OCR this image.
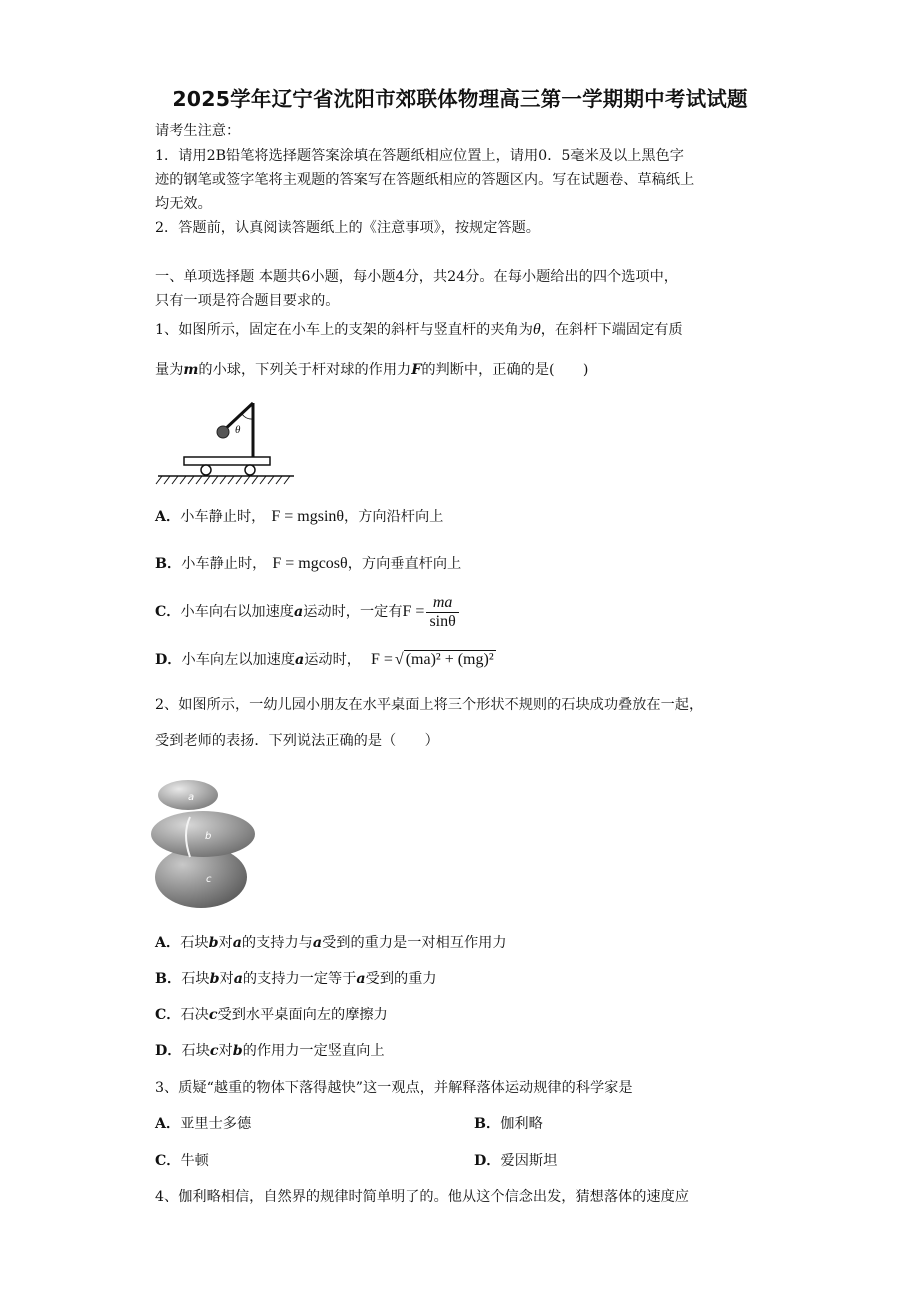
2025学年辽宁省沈阳市郊联体物理高三第一学期期中考试试题
请考生注意：
1．请用2B铅笔将选择题答案涂填在答题纸相应位置上，请用0．5毫米及以上黑色字
迹的钢笔或签字笔将主观题的答案写在答题纸相应的答题区内。写在试题卷、草稿纸上
均无效。
2．答题前，认真阅读答题纸上的《注意事项》，按规定答题。
一、单项选择题 本题共6小题，每小题4分，共24分。在每小题给出的四个选项中，
只有一项是符合题目要求的。
1、如图所示，固定在小车上的支架的斜杆与竖直杆的夹角为θ，在斜杆下端固定有质
量为m的小球，下列关于杆对球的作用力F的判断中，正确的是(　　)
θ
A．小车静止时， F = mgsinθ，方向沿杆向上
B．小车静止时， F = mgcosθ，方向垂直杆向上
C．小车向右以加速度a运动时，一定有$F = \frac{ma}{\sin\theta}$
D．小车向左以加速度a运动时， F = √ (ma)² + (mg)²
2、如图所示，一幼儿园小朋友在水平桌面上将三个形状不规则的石块成功叠放在一起，
受到老师的表扬．下列说法正确的是（　　）
a
b
c
A．石块b对a的支持力与a受到的重力是一对相互作用力
B．石块b对a的支持力一定等于a受到的重力
C．石决c受到水平桌面向左的摩擦力
D．石块c对b的作用力一定竖直向上
3、质疑“越重的物体下落得越快”这一观点，并解释落体运动规律的科学家是
A．亚里士多德	B．伽利略
C．牛顿	D．爱因斯坦
4、伽利略相信，自然界的规律时简单明了的。他从这个信念出发，猜想落体的速度应
